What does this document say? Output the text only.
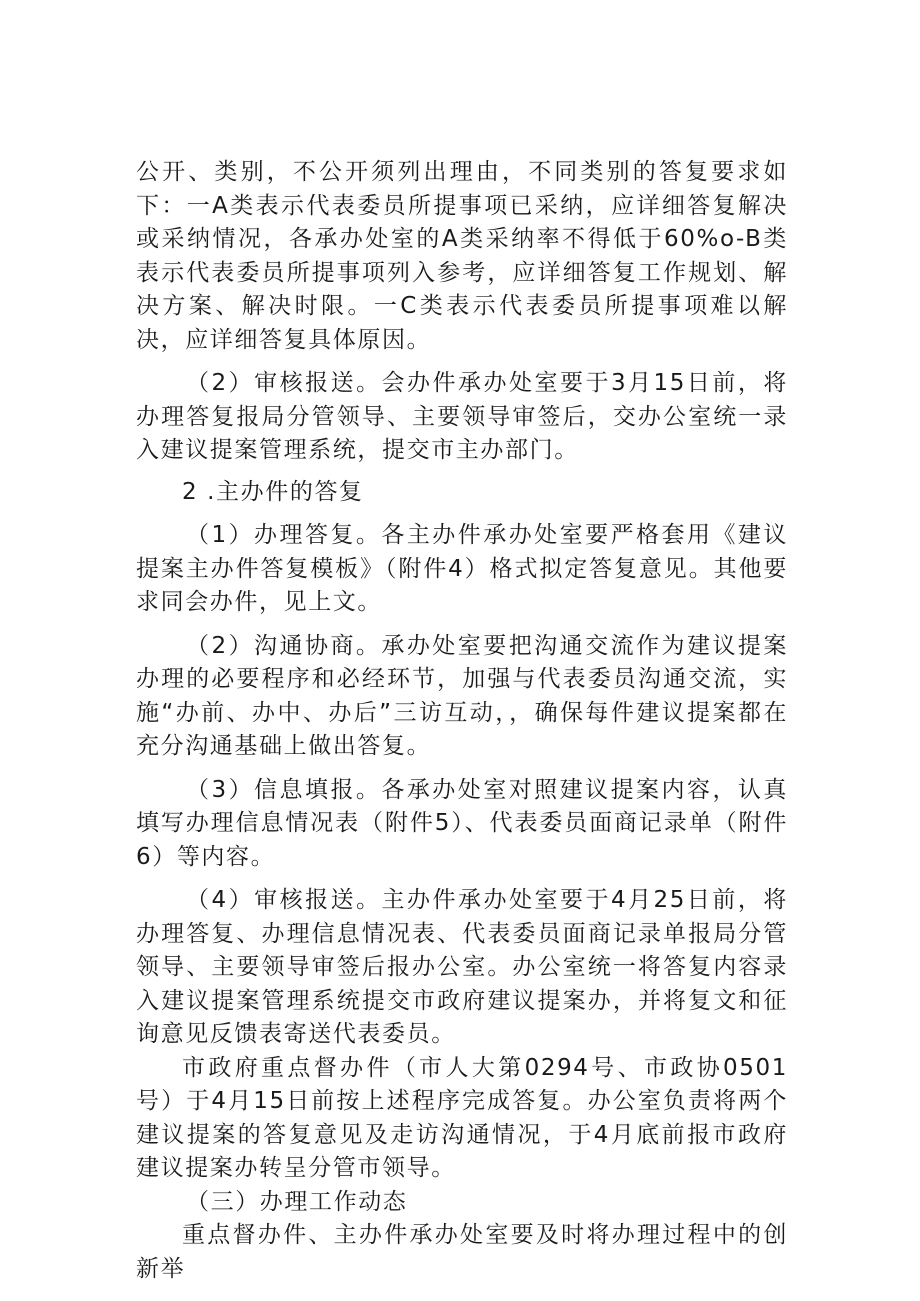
公开、类别，不公开须列出理由，不同类别的答复要求如下：一A类表示代表委员所提事项已采纳，应详细答复解决或采纳情况，各承办处室的A类采纳率不得低于60%o-B类表示代表委员所提事项列入参考，应详细答复工作规划、解决方案、解决时限。一C类表示代表委员所提事项难以解决，应详细答复具体原因。

（2）审核报送。会办件承办处室要于3月15日前，将办理答复报局分管领导、主要领导审签后，交办公室统一录入建议提案管理系统，提交市主办部门。

2 .主办件的答复

（1）办理答复。各主办件承办处室要严格套用《建议提案主办件答复模板》（附件4）格式拟定答复意见。其他要求同会办件，见上文。

（2）沟通协商。承办处室要把沟通交流作为建议提案办理的必要程序和必经环节，加强与代表委员沟通交流，实施“办前、办中、办后”三访互动，，确保每件建议提案都在充分沟通基础上做出答复。

（3）信息填报。各承办处室对照建议提案内容，认真填写办理信息情况表（附件5）、代表委员面商记录单（附件6）等内容。

（4）审核报送。主办件承办处室要于4月25日前，将办理答复、办理信息情况表、代表委员面商记录单报局分管领导、主要领导审签后报办公室。办公室统一将答复内容录入建议提案管理系统提交市政府建议提案办，并将复文和征询意见反馈表寄送代表委员。

市政府重点督办件（市人大第0294号、市政协0501号）于4月15日前按上述程序完成答复。办公室负责将两个建议提案的答复意见及走访沟通情况，于4月底前报市政府建议提案办转呈分管市领导。

（三）办理工作动态

重点督办件、主办件承办处室要及时将办理过程中的创新举
